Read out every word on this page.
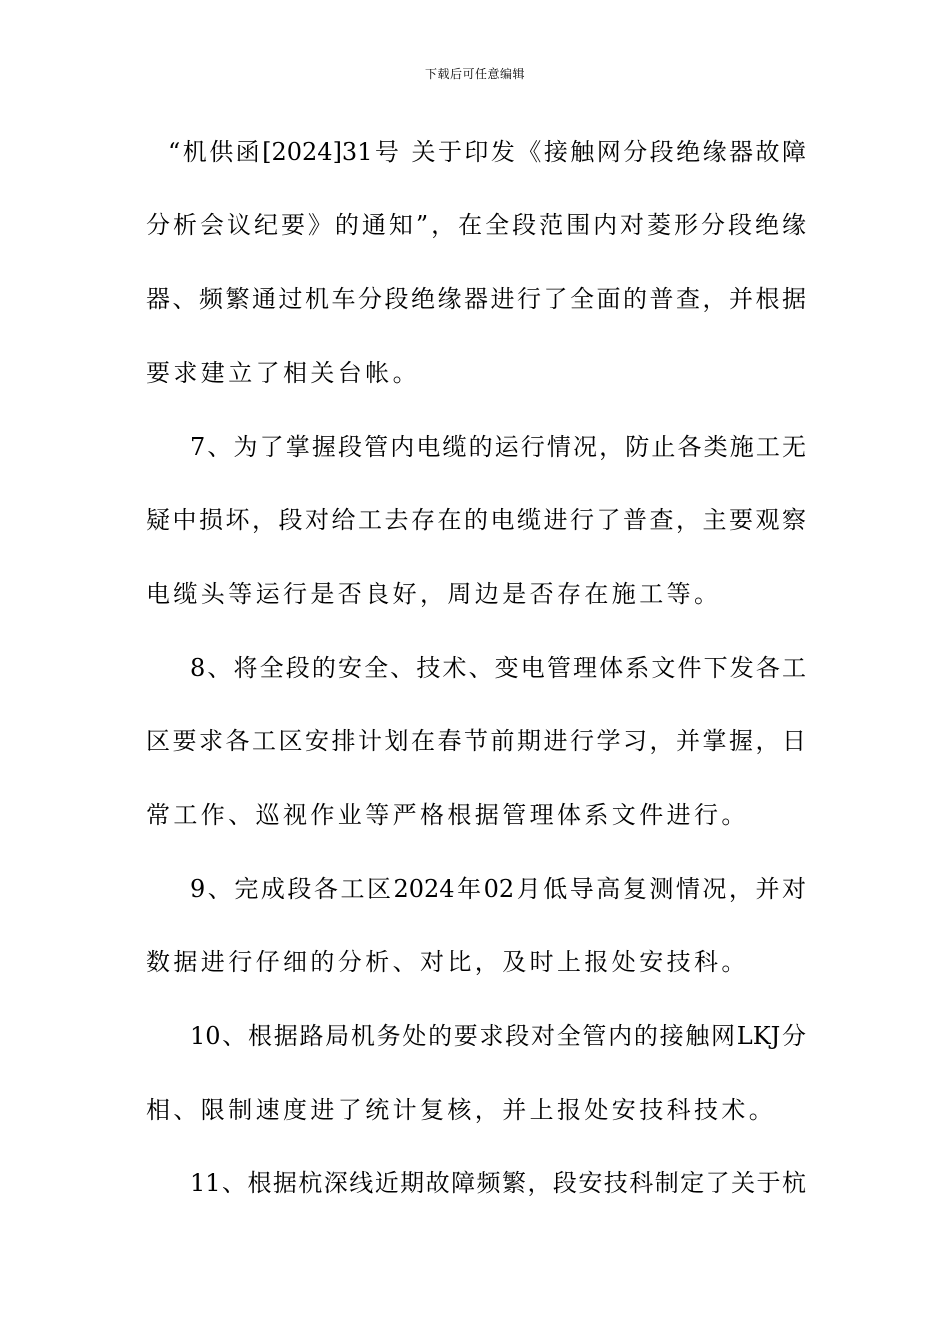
下载后可任意编辑
“机供函[2024]31号 关于印发《接触网分段绝缘器故障
分析会议纪要》的通知”，在全段范围内对菱形分段绝缘
器、频繁通过机车分段绝缘器进行了全面的普查，并根据
要求建立了相关台帐。
7、为了掌握段管内电缆的运行情况，防止各类施工无
疑中损坏，段对给工去存在的电缆进行了普查，主要观察
电缆头等运行是否良好，周边是否存在施工等。
8、将全段的安全、技术、变电管理体系文件下发各工
区要求各工区安排计划在春节前期进行学习，并掌握，日
常工作、巡视作业等严格根据管理体系文件进行。
9、完成段各工区2024年02月低导高复测情况，并对
数据进行仔细的分析、对比，及时上报处安技科。
10、根据路局机务处的要求段对全管内的接触网LKJ分
相、限制速度进了统计复核，并上报处安技科技术。
11、根据杭深线近期故障频繁，段安技科制定了关于杭
